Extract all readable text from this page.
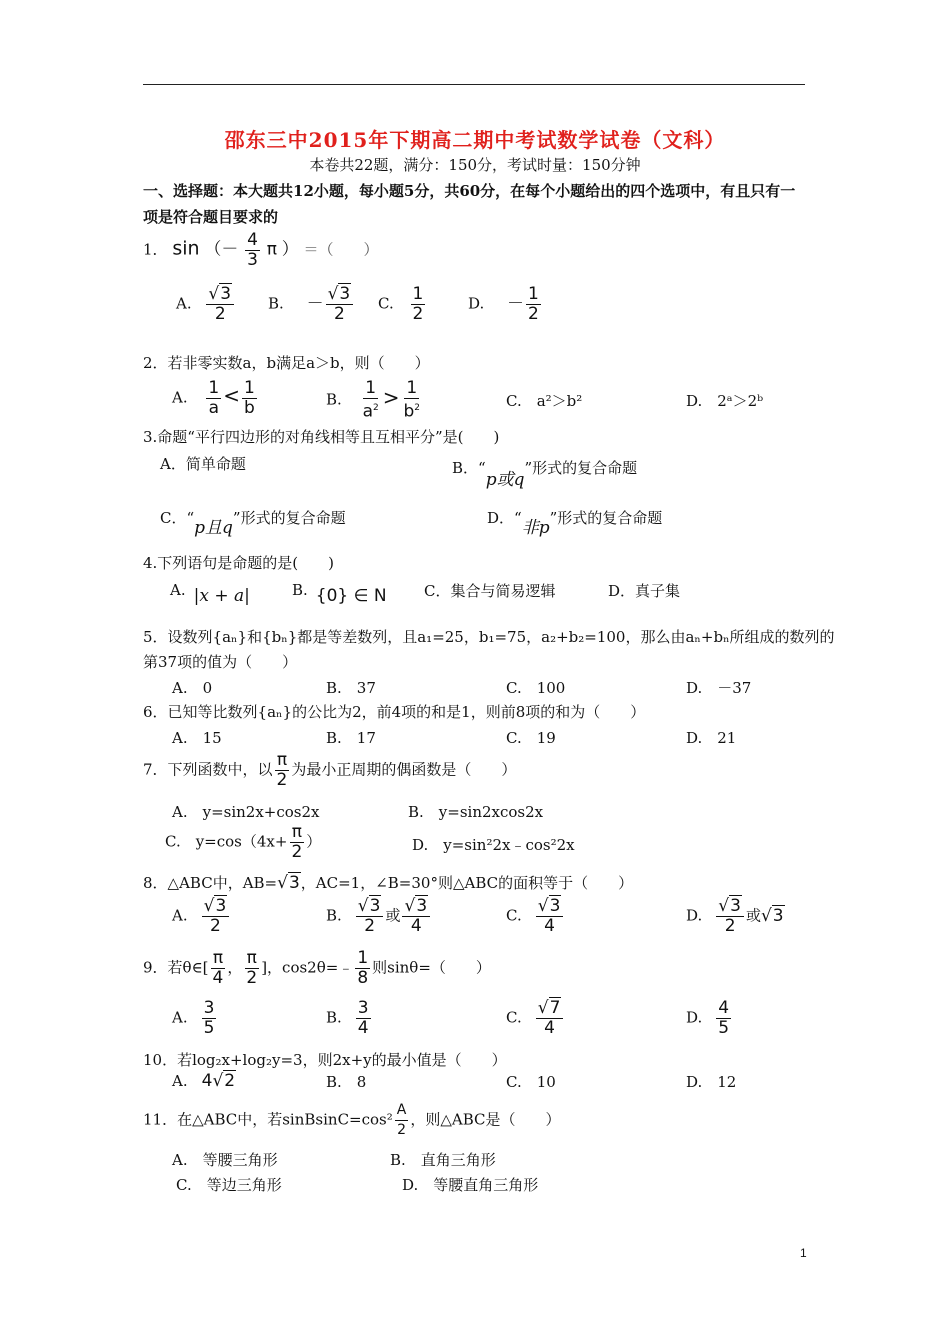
邵东三中2015年下期高二期中考试数学试卷（文科）
本卷共22题，满分：150分，考试时量：150分钟
一、选择题：本大题共12小题，每小题5分，共60分，在每个小题给出的四个选项中，有且只有一项是符合题目要求的
1． sin （－ $\frac{4}{3}$ π ） ＝（　　）
A. $\frac{√3}{2} B$. － $\frac{√3}{2} C$. $\frac{1}{2}$	D. － $\frac{1}{2}$
2．若非零实数a，b满足a＞b，则（　　）
A. $\frac{1}{a} < \frac{1}{b}$	B. $\frac{1}{a^2} > \frac{1}{b^2}$	C.　a²＞b²	D.　2ᵃ＞2ᵇ
3.命题“平行四边形的对角线相等且互相平分”是(　　)
A．简单命题	B．“p或q”形式的复合命题
C．“p且q”形式的复合命题	D．“非p”形式的复合命题
4.下列语句是命题的是(　　)
A. |x + a|	B. {0} ∈ N C．集合与简易逻辑	D．真子集
5．设数列{aₙ}和{bₙ}都是等差数列，且a₁=25，b₁=75，a₂+b₂=100，那么由aₙ+bₙ所组成的数列的
第37项的值为（　　）
A.　0	B.　37	C.　100	D.　－37
6．已知等比数列{aₙ}的公比为2，前4项的和是1，则前8项的和为（　　）
A.　15	B.　17	C.　19	D.　21
7．下列函数中，以 $\frac{\pi}{2}$ 为最小正周期的偶函数是（　　）
A.　y=sin2x+cos2x	B.　y=sin2xcos2x
C.　$y=\cos(4x+ \frac{\pi}{2}$ ）	D.　y=sin²2x﹣cos²2x
8．△ABC中，AB=√3，AC=1，∠B=30°则△ABC的面积等于（　　）
A. $\frac{√3}{2}$	B. $\frac{√3}{2}$ 或 $\frac{√3}{4}$	C. $\frac{√3}{4}$	D. $\frac{√3}{2}$ 或√3
9．若θ∈[ $\frac{\pi}{4}$ ， $\frac{\pi}{2}$ ]，cos2θ=﹣ $\frac{1}{8}$ 则sinθ=（　　）
A. $\frac{3}{5}$	B. $\frac{3}{4}$	C. $\frac{√7}{4}$	D. $\frac{4}{5}$
10．若log₂x+log₂y=3，则2x+y的最小值是（　　）
A. 4√2	B.　8	C.　10	D.　12
11．在△ABC中，若sinBsinC=cos² $\frac{A}{2}$ ，则△ABC是（　　）
A.　等腰三角形	B.　直角三角形
C.　等边三角形	D.　等腰直角三角形
1
